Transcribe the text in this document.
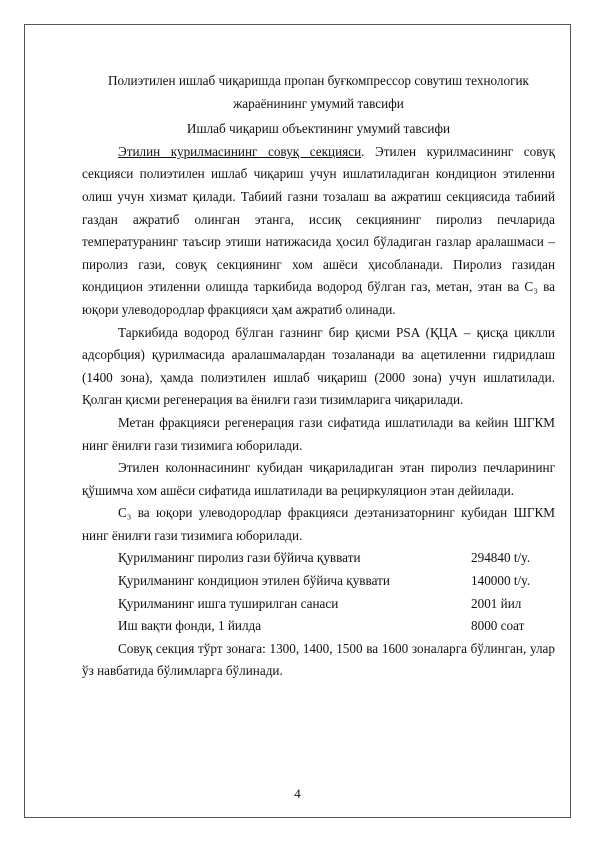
Полиэтилен ишлаб чиқаришда пропан буғкомпрессор совутиш технологик жараёнининг умумий тавсифи

Ишлаб чиқариш объектининг умумий тавсифи

Этилин курилмасининг совуқ секцияси. Этилен курилмасининг совуқ секцияси полиэтилен ишлаб чиқариш учун ишлатиладиган кондицион этиленни олиш учун хизмат қилади. Табиий газни тозалаш ва ажратиш секциясида табиий газдан ажратиб олинган этанга, иссиқ секциянинг пиролиз печларида температуранинг таъсир этиши натижасида ҳосил бўладиган газлар аралашмаси – пиролиз гази, совуқ секциянинг хом ашёси ҳисобланади. Пиролиз газидан кондицион этиленни олишда таркибида водород бўлган газ, метан, этан ва C₃ ва юқори улеводородлар фракцияси ҳам ажратиб олинади.

Таркибида водород бўлган газнинг бир қисми PSA (ҚЦА – қисқа циклли адсорбция) қурилмасида аралашмалардан тозаланади ва ацетиленни гидридлаш (1400 зона), ҳамда полиэтилен ишлаб чиқариш (2000 зона) учун ишлатилади. Қолган қисми регенерация ва ёнилғи гази тизимларига чиқарилади.

Метан фракцияси регенерация гази сифатида ишлатилади ва кейин ШГКМ нинг ёнилғи гази тизимига юборилади.

Этилен колоннасининг кубидан чиқариладиган этан пиролиз печларининг қўшимча хом ашёси сифатида ишлатилади ва рециркуляцион этан дейилади.

C₃ ва юқори улеводородлар фракцияси деэтанизаторнинг кубидан ШГКМ нинг ёнилғи гази тизимига юборилади.

Қурилманинг пиролиз гази бўйича қуввати	294840 t/y.
Қурилманинг кондицион этилен бўйича қуввати	140000 t/y.
Қурилманинг ишга туширилган санаси	2001 йил
Иш вақти фонди, 1 йилда	8000 соат

Совуқ секция тўрт зонага: 1300, 1400, 1500 ва 1600 зоналарга бўлинган, улар ўз навбатида бўлимларга бўлинади.

4
